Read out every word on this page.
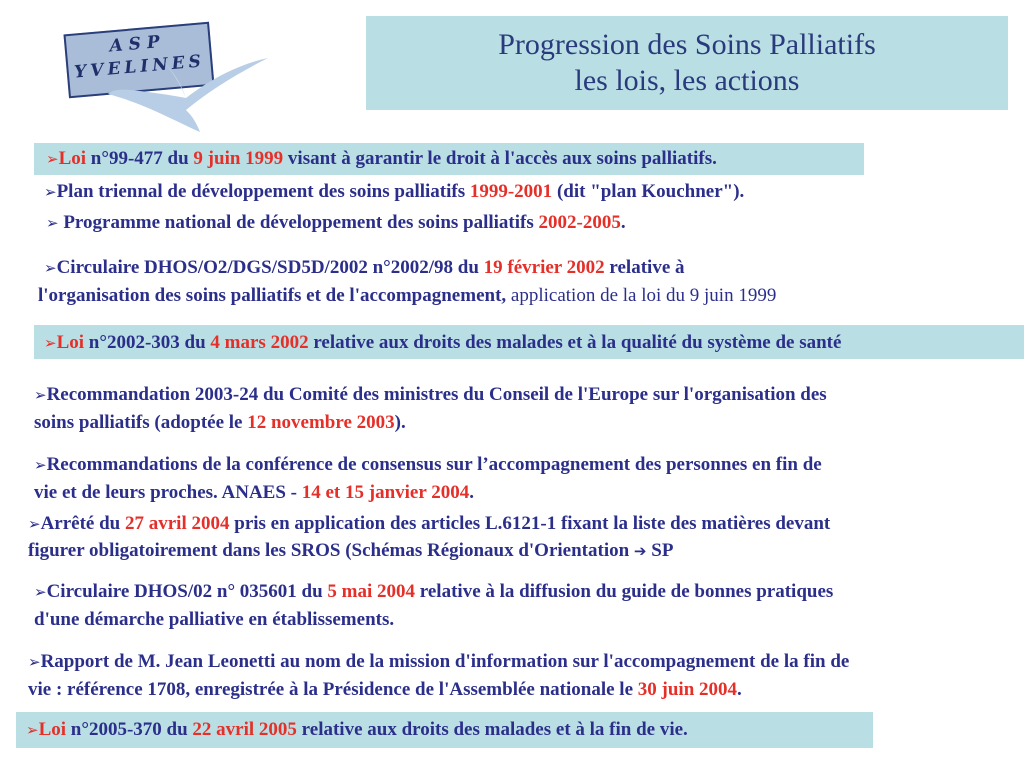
ASP
YVELINES
Progression des Soins Palliatifs
les lois, les actions
➢Loi n°99-477 du 9 juin 1999 visant à garantir le droit à l'accès aux soins palliatifs.
➢Plan triennal de développement des soins palliatifs 1999-2001 (dit "plan Kouchner").
➢ Programme national de développement des soins palliatifs 2002-2005.
➢Circulaire DHOS/O2/DGS/SD5D/2002 n°2002/98 du 19 février 2002 relative à
l'organisation des soins palliatifs et de l'accompagnement, application de la loi du 9 juin 1999
➢Loi n°2002-303 du 4 mars 2002 relative aux droits des malades et à la qualité du système de santé
➢Recommandation 2003-24 du Comité des ministres du Conseil de l'Europe sur l'organisation des
soins palliatifs (adoptée le 12 novembre 2003).
➢Recommandations de la conférence de consensus sur l’accompagnement des personnes en fin de
vie et de leurs proches. ANAES - 14 et 15 janvier 2004.
➢Arrêté du 27 avril 2004 pris en application des articles L.6121-1 fixant la liste des matières devant
figurer obligatoirement dans les SROS (Schémas Régionaux d'Orientation ➔ SP
➢Circulaire DHOS/02 n° 035601 du 5 mai 2004 relative à la diffusion du guide de bonnes pratiques
d'une démarche palliative en établissements.
➢Rapport de M. Jean Leonetti au nom de la mission d'information sur l'accompagnement de la fin de
vie : référence 1708, enregistrée à la Présidence de l'Assemblée nationale le 30 juin 2004.
➢Loi n°2005-370 du 22 avril 2005 relative aux droits des malades et à la fin de vie.
